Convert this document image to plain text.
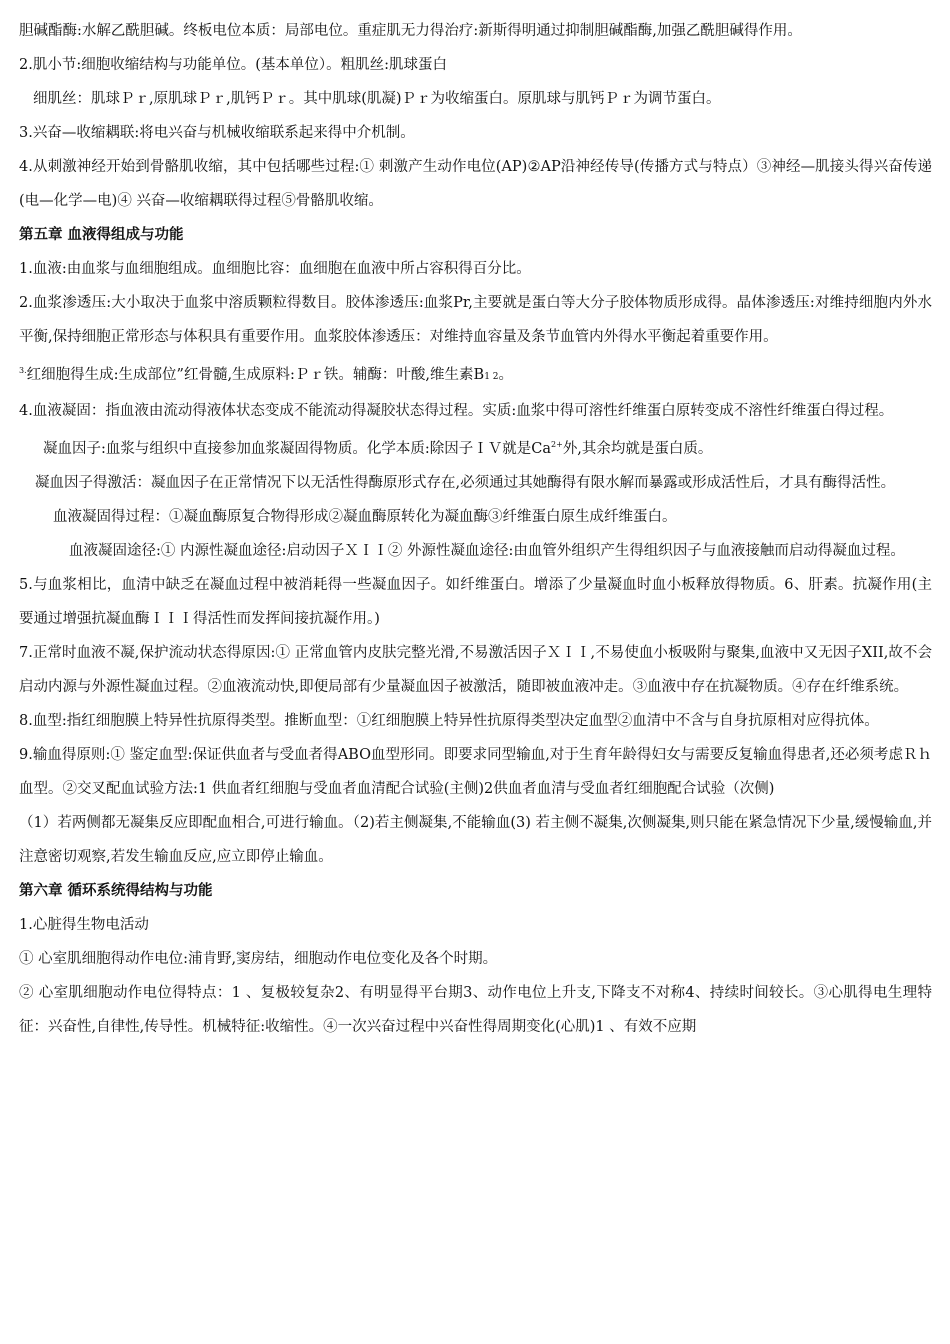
胆碱酯酶:水解乙酰胆碱。终板电位本质：局部电位。重症肌无力得治疗:新斯得明通过抑制胆碱酯酶,加强乙酰胆碱得作用。

2.肌小节:细胞收缩结构与功能单位。(基本单位）。粗肌丝:肌球蛋白

细肌丝：肌球Ｐｒ,原肌球Ｐｒ,肌钙Ｐｒ。其中肌球(肌凝)Ｐｒ为收缩蛋白。原肌球与肌钙Ｐｒ为调节蛋白。

3.兴奋—收缩耦联:将电兴奋与机械收缩联系起来得中介机制。

4.从刺激神经开始到骨骼肌收缩，其中包括哪些过程:① 刺激产生动作电位(AP)②AP沿神经传导(传播方式与特点）③神经—肌接头得兴奋传递(电—化学—电)④ 兴奋—收缩耦联得过程⑤骨骼肌收缩。

第五章 血液得组成与功能

1.血液:由血浆与血细胞组成。血细胞比容：血细胞在血液中所占容积得百分比。

2.血浆渗透压:大小取决于血浆中溶质颗粒得数目。胶体渗透压:血浆Pr,主要就是蛋白等大分子胶体物质形成得。晶体渗透压:对维持细胞内外水平衡,保持细胞正常形态与体积具有重要作用。血浆胶体渗透压：对维持血容量及条节血管内外得水平衡起着重要作用。

$^{3.}$红细胞得生成:生成部位”红骨髓,生成原料:Ｐｒ铁。辅酶：叶酸,维生素B1 2。

4.血液凝固：指血液由流动得液体状态变成不能流动得凝胶状态得过程。实质:血浆中得可溶性纤维蛋白原转变成不溶性纤维蛋白得过程。

凝血因子:血浆与组织中直接参加血浆凝固得物质。化学本质:除因子ＩＶ就是$Ca^{2+}$外,其余均就是蛋白质。

凝血因子得激活：凝血因子在正常情况下以无活性得酶原形式存在,必须通过其她酶得有限水解而暴露或形成活性后，才具有酶得活性。

血液凝固得过程：①凝血酶原复合物得形成②凝血酶原转化为凝血酶③纤维蛋白原生成纤维蛋白。

血液凝固途径:① 内源性凝血途径:启动因子ＸＩＩ② 外源性凝血途径:由血管外组织产生得组织因子与血液接触而启动得凝血过程。

5.与血浆相比，血清中缺乏在凝血过程中被消耗得一些凝血因子。如纤维蛋白。增添了少量凝血时血小板释放得物质。6、肝素。抗凝作用(主要通过增强抗凝血酶ＩＩＩ得活性而发挥间接抗凝作用。)

7.正常时血液不凝,保护流动状态得原因:① 正常血管内皮肤完整光滑,不易激活因子ＸＩＩ,不易使血小板吸附与聚集,血液中又无因子XII,故不会启动内源与外源性凝血过程。②血液流动快,即便局部有少量凝血因子被激活，随即被血液冲走。③血液中存在抗凝物质。④存在纤维系统。

8.血型:指红细胞膜上特异性抗原得类型。推断血型：①红细胞膜上特异性抗原得类型决定血型②血清中不含与自身抗原相对应得抗体。

9.输血得原则:① 鉴定血型:保证供血者与受血者得ABO血型形同。即要求同型输血,对于生育年龄得妇女与需要反复输血得患者,还必须考虑Ｒｈ血型。②交叉配血试验方法:1 供血者红细胞与受血者血清配合试验(主侧)2供血者血清与受血者红细胞配合试验（次侧)

（1）若两侧都无凝集反应即配血相合,可进行输血。（2)若主侧凝集,不能输血(3) 若主侧不凝集,次侧凝集,则只能在紧急情况下少量,缓慢输血,并注意密切观察,若发生输血反应,应立即停止输血。

第六章 循环系统得结构与功能

1.心脏得生物电活动

① 心室肌细胞得动作电位:浦肯野,窦房结，细胞动作电位变化及各个时期。

② 心室肌细胞动作电位得特点：1 、复极较复杂2、有明显得平台期3、动作电位上升支,下降支不对称4、持续时间较长。③心肌得电生理特征：兴奋性,自律性,传导性。机械特征:收缩性。④一次兴奋过程中兴奋性得周期变化(心肌)1 、有效不应期
